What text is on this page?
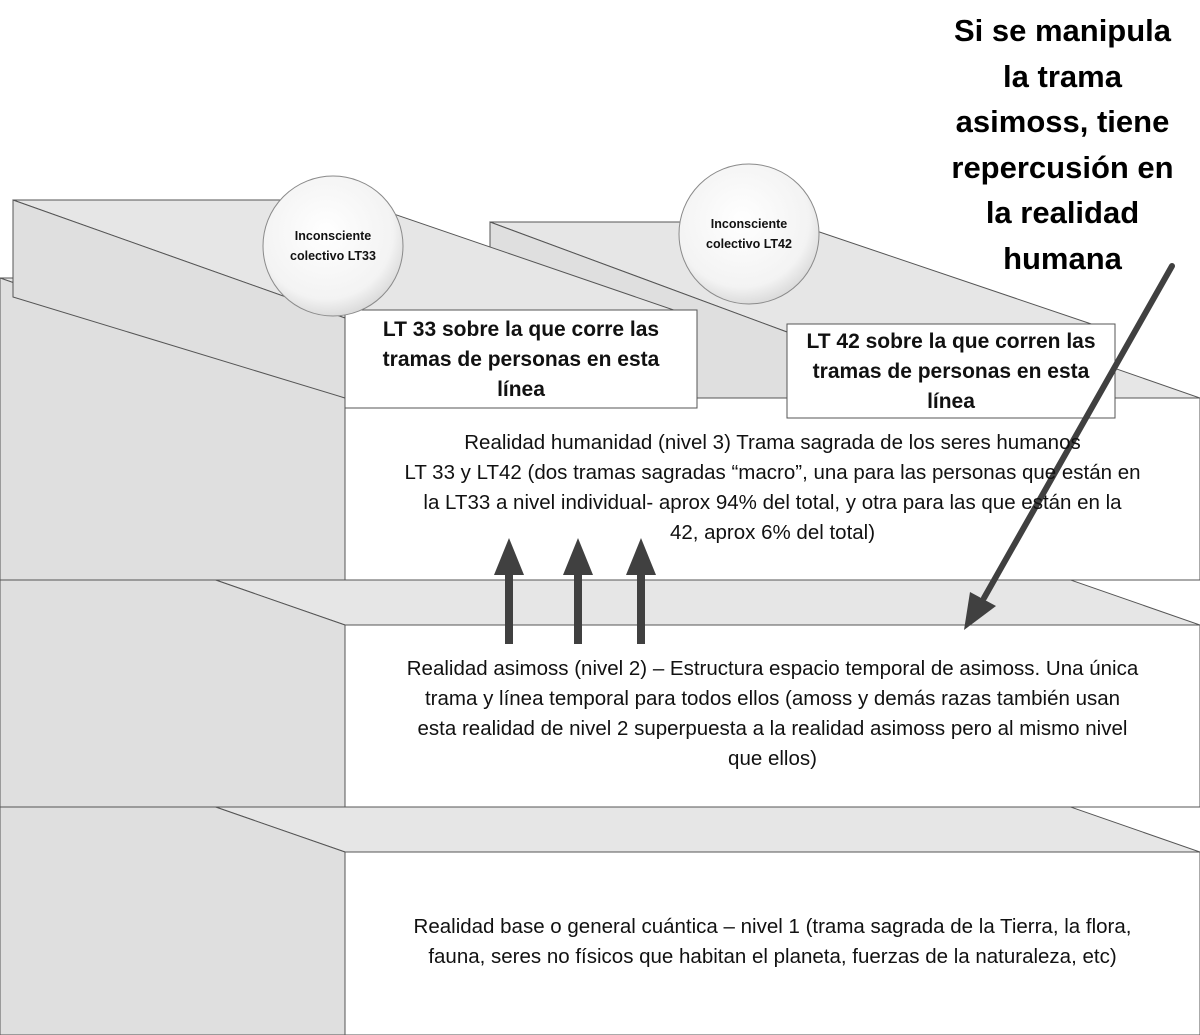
Si se manipula
la trama
asimoss, tiene
repercusión en
la realidad
humana
Inconsciente
colectivo LT33
Inconsciente
colectivo LT42
LT 33 sobre la que corre las
tramas de personas en esta
línea
LT 42 sobre la que corren las
tramas de personas en esta
línea
Realidad humanidad (nivel 3) Trama sagrada de los seres humanos
LT 33 y LT42 (dos tramas sagradas “macro”, una para las personas que están en
la LT33 a nivel individual- aprox 94% del total, y otra para las que están en la
42, aprox 6% del total)
Realidad asimoss (nivel 2) – Estructura espacio temporal de asimoss. Una única
trama y línea temporal para todos ellos (amoss y demás razas también usan
esta realidad de nivel 2 superpuesta a la realidad asimoss pero al mismo nivel
que ellos)
Realidad base o general cuántica – nivel 1 (trama sagrada de la Tierra, la flora,
fauna, seres no físicos que habitan el planeta, fuerzas de la naturaleza, etc)
